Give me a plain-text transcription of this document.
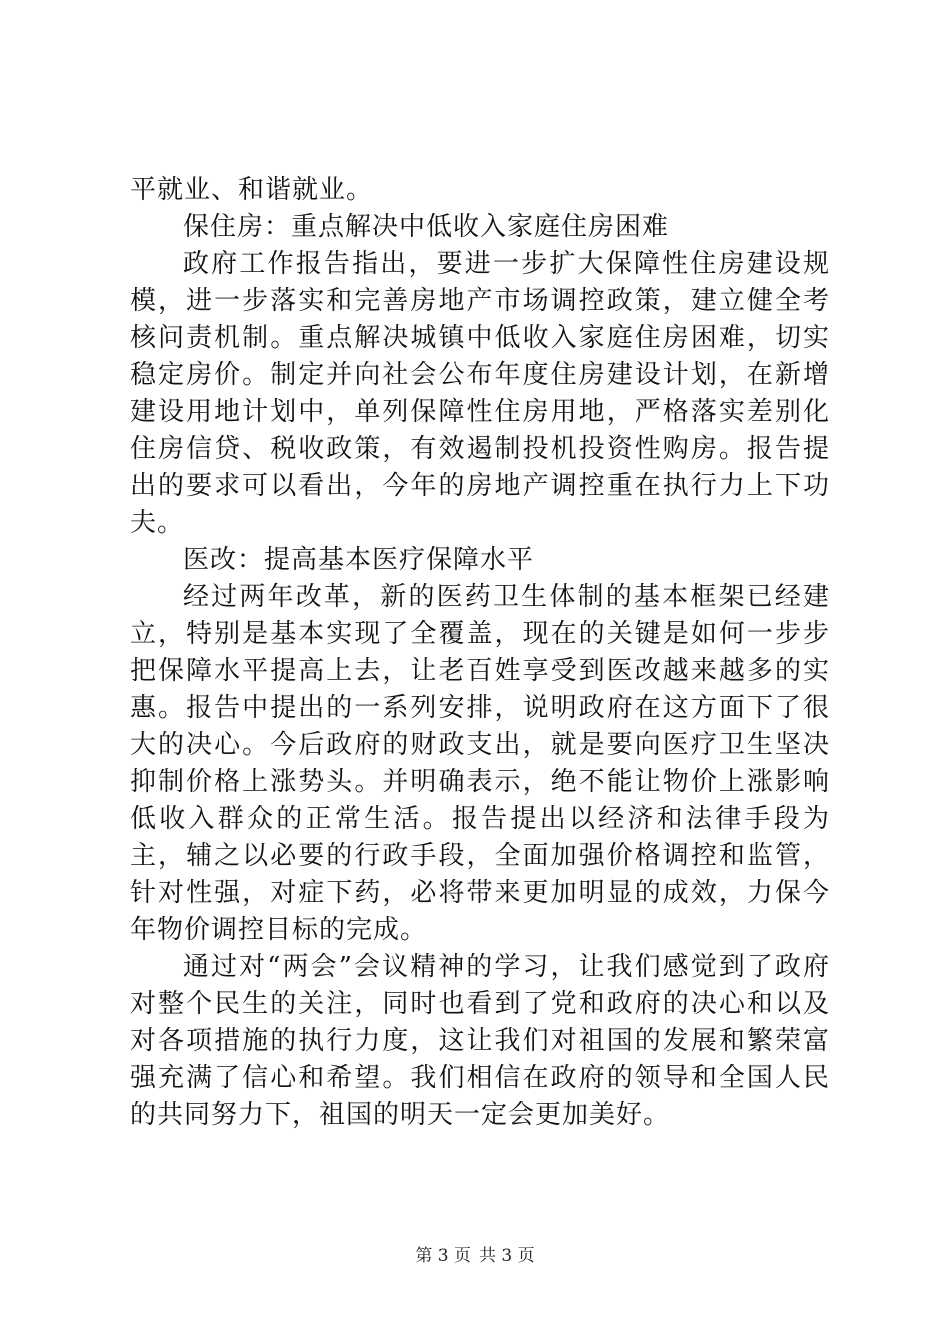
平就业、和谐就业。

保住房：重点解决中低收入家庭住房困难

政府工作报告指出，要进一步扩大保障性住房建设规模，进一步落实和完善房地产市场调控政策，建立健全考核问责机制。重点解决城镇中低收入家庭住房困难，切实稳定房价。制定并向社会公布年度住房建设计划，在新增建设用地计划中，单列保障性住房用地，严格落实差别化住房信贷、税收政策，有效遏制投机投资性购房。报告提出的要求可以看出，今年的房地产调控重在执行力上下功夫。

医改：提高基本医疗保障水平

经过两年改革，新的医药卫生体制的基本框架已经建立，特别是基本实现了全覆盖，现在的关键是如何一步步把保障水平提高上去，让老百姓享受到医改越来越多的实惠。报告中提出的一系列安排，说明政府在这方面下了很大的决心。今后政府的财政支出，就是要向医疗卫生坚决抑制价格上涨势头。并明确表示，绝不能让物价上涨影响低收入群众的正常生活。报告提出以经济和法律手段为主，辅之以必要的行政手段，全面加强价格调控和监管，针对性强，对症下药，必将带来更加明显的成效，力保今年物价调控目标的完成。

通过对“两会”会议精神的学习，让我们感觉到了政府对整个民生的关注，同时也看到了党和政府的决心和以及对各项措施的执行力度，这让我们对祖国的发展和繁荣富强充满了信心和希望。我们相信在政府的领导和全国人民的共同努力下，祖国的明天一定会更加美好。

第 3 页 共 3 页
